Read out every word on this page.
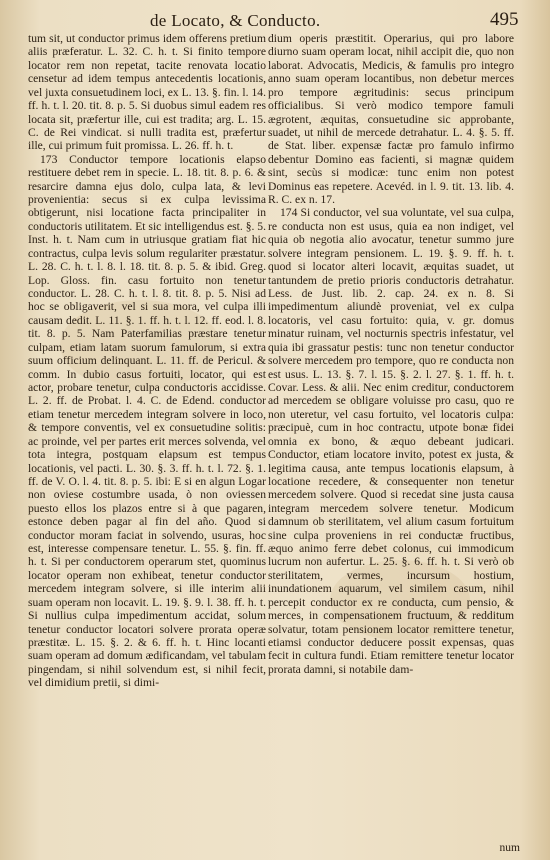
de Locato, & Conducto.	495

tum sit, ut conductor primus idem offerens pretium aliis præferatur. L. 32. C. h. t. Si finito tempore locator rem non repetat, tacite renovata locatio censetur ad idem tempus antecedentis locationis, vel juxta consuetudinem loci, ex L. 13. §. fin. l. 14. ff. h. t. l. 20. tit. 8. p. 5. Si duobus simul eadem res locata sit, præfertur ille, cui est tradita; arg. L. 15. C. de Rei vindicat. si nulli tradita est, præfertur ille, cui primum fuit promissa. L. 26. ff. h. t.

173 Conductor tempore locationis elapso restituere debet rem in specie. L. 18. tit. 8. p. 6. & resarcire damna ejus dolo, culpa lata, & levi provenientia: secus si ex culpa levissima obtigerunt, nisi locatione facta principaliter in conductoris utilitatem. Et sic intelligendus est. §. 5. Inst. h. t. Nam cum in utriusque gratiam fiat hic contractus, culpa levis solum regulariter præstatur. L. 28. C. h. t. l. 8. l. 18. tit. 8. p. 5. & ibid. Greg. Lop. Gloss. fin. casu fortuito non tenetur conductor. L. 28. C. h. t. l. 8. tit. 8. p. 5. Nisi ad hoc se obligaverit, vel si sua mora, vel culpa illi causam dedit. L. 11. §. 1. ff. h. t. l. 12. ff. eod. l. 8. tit. 8. p. 5. Nam Paterfamilias præstare tenetur culpam, etiam latam suorum famulorum, si extra suum officium delinquant. L. 11. ff. de Pericul. & comm. In dubio casus fortuiti, locator, qui est actor, probare tenetur, culpa conductoris accidisse. L. 2. ff. de Probat. l. 4. C. de Edend. conductor etiam tenetur mercedem integram solvere in loco, & tempore conventis, vel ex consuetudine solitis: ac proinde, vel per partes erit merces solvenda, vel tota integra, postquam elapsum est tempus locationis, vel pacti. L. 30. §. 3. ff. h. t. l. 72. §. 1. ff. de V. O. l. 4. tit. 8. p. 5. ibi: E si en algun Logar non oviese costumbre usada, ò non oviessen puesto ellos los plazos entre si à que pagaren, estonce deben pagar al fin del año. Quod si conductor moram faciat in solvendo, usuras, hoc est, interesse compensare tenetur. L. 55. §. fin. ff. h. t. Si per conductorem operarum stet, quominus locator operam non exhibeat, tenetur conductor mercedem integram solvere, si ille interim alii suam operam non locavit. L. 19. §. 9. l. 38. ff. h. t. Si nullius culpa impedimentum accidat, solum tenetur conductor locatori solvere prorata operæ præstitæ. L. 15. §. 2. & 6. ff. h. t. Hinc locanti suam operam ad domum ædificandam, vel tabulam pingendam, si nihil solvendum est, si nihil fecit, vel dimidium pretii, si dimi-

dium operis præstitit. Operarius, qui pro labore diurno suam operam locat, nihil accipit die, quo non laborat. Advocatis, Medicis, & famulis pro integro anno suam operam locantibus, non debetur merces pro tempore ægritudinis: secus principum officialibus. Si verò modico tempore famuli ægrotent, æquitas, consuetudine sic approbante, suadet, ut nihil de mercede detrahatur. L. 4. §. 5. ff. de Stat. liber. expensæ factæ pro famulo infirmo debentur Domino eas facienti, si magnæ quidem sint, secùs si modicæ: tunc enim non potest Dominus eas repetere. Acevéd. in l. 9. tit. 13. lib. 4. R. C. ex n. 17.

174 Si conductor, vel sua voluntate, vel sua culpa, re conducta non est usus, quia ea non indiget, vel quia ob negotia alio avocatur, tenetur summo jure solvere integram pensionem. L. 19. §. 9. ff. h. t. quod si locator alteri locavit, æquitas suadet, ut tantundem de pretio prioris conductoris detrahatur. Less. de Just. lib. 2. cap. 24. ex n. 8. Si impedimentum aliundè proveniat, vel ex culpa locatoris, vel casu fortuito: quia, v. gr. domus minatur ruinam, vel nocturnis spectris infestatur, vel quia ibi grassatur pestis: tunc non tenetur conductor solvere mercedem pro tempore, quo re conducta non est usus. L. 13. §. 7. l. 15. §. 2. l. 27. §. 1. ff. h. t. Covar. Less. & alii. Nec enim creditur, conductorem ad mercedem se obligare voluisse pro casu, quo re non uteretur, vel casu fortuito, vel locatoris culpa: præcipuè, cum in hoc contractu, utpote bonæ fidei omnia ex bono, & æquo debeant judicari. Conductor, etiam locatore invito, potest ex justa, & legitima causa, ante tempus locationis elapsum, à locatione recedere, & consequenter non tenetur mercedem solvere. Quod si recedat sine justa causa integram mercedem solvere tenetur. Modicum damnum ob sterilitatem, vel alium casum fortuitum sine culpa proveniens in rei conductæ fructibus, æquo animo ferre debet colonus, cui immodicum lucrum non aufertur. L. 25. §. 6. ff. h. t. Si verò ob sterilitatem, vermes, incursum hostium, inundationem aquarum, vel similem casum, nihil percepit conductor ex re conducta, cum pensio, & merces, in compensationem fructuum, & redditum solvatur, totam pensionem locator remittere tenetur, etiamsi conductor deducere possit expensas, quas fecit in cultura fundi. Etiam remittere tenetur locator prorata damni, si notabile dam-

num
